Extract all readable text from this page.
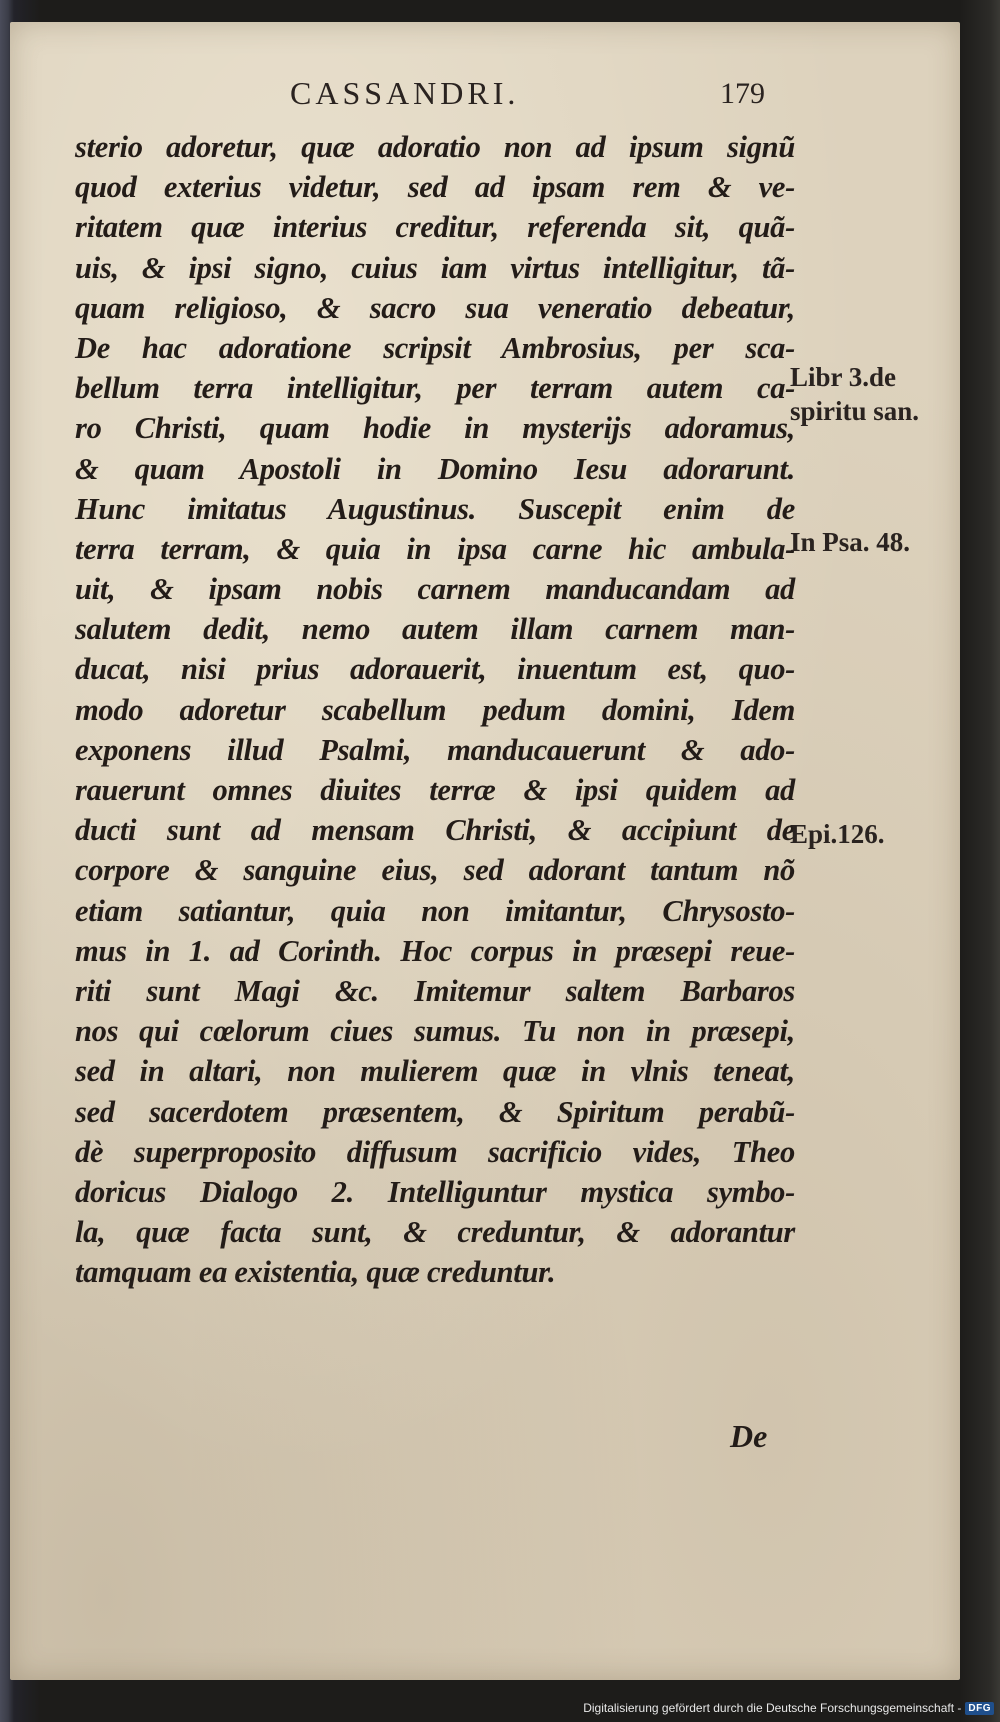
CASSANDRI.	179
sterio adoretur, quæ adoratio non ad ipsum signũ
quod exterius videtur, sed ad ipsam rem & ve-
ritatem quæ interius creditur, referenda sit, quã-
uis, & ipsi signo, cuius iam virtus intelligitur, tã-
quam religioso, & sacro sua veneratio debeatur,
De hac adoratione scripsit Ambrosius, per sca-
bellum terra intelligitur, per terram autem ca-
ro Christi, quam hodie in mysterijs adoramus,
& quam Apostoli in Domino Iesu adorarunt.
Hunc imitatus Augustinus. Suscepit enim de
terra terram, & quia in ipsa carne hic ambula-
uit, & ipsam nobis carnem manducandam ad
salutem dedit, nemo autem illam carnem man-
ducat, nisi prius adorauerit, inuentum est, quo-
modo adoretur scabellum pedum domini, Idem
exponens illud Psalmi, manducauerunt & ado-
rauerunt omnes diuites terræ & ipsi quidem ad
ducti sunt ad mensam Christi, & accipiunt de
corpore & sanguine eius, sed adorant tantum nõ
etiam satiantur, quia non imitantur, Chrysosto-
mus in 1. ad Corinth. Hoc corpus in præsepi reue-
riti sunt Magi &c. Imitemur saltem Barbaros
nos qui cœlorum ciues sumus. Tu non in præsepi,
sed in altari, non mulierem quæ in vlnis teneat,
sed sacerdotem præsentem, & Spiritum perabũ-
dè superproposito diffusum sacrificio vides, Theo
doricus Dialogo 2. Intelliguntur mystica symbo-
la, quæ facta sunt, & creduntur, & adorantur
tamquam ea existentia, quæ creduntur.
Libr 3.de
spiritu san.
In Psa. 48.
Epi.126.
De
Digitalisierung gefördert durch die Deutsche Forschungsgemeinschaft - DFG
